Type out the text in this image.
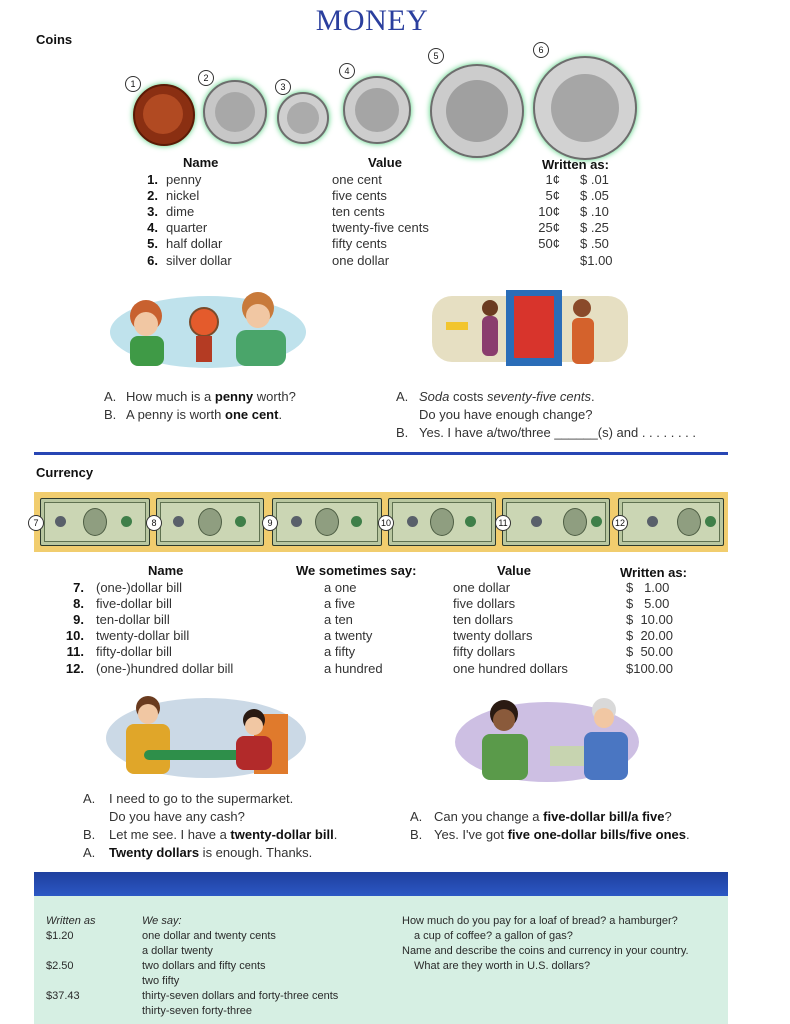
MONEY
Coins
1
2
3
4
5
6
Name	Value	Written as:
1. penny	one cent	1¢ $ .01
2. nickel	five cents	5¢ $ .05
3. dime	ten cents	10¢ $ .10
4. quarter	twenty-five cents	25¢ $ .25
5. half dollar	fifty cents	50¢ $ .50
6. silver dollar	one dollar	$1.00
A. How much is a penny worth?
B. A penny is worth one cent.
A. Soda costs seventy-five cents.
Do you have enough change?
B. Yes. I have a/two/three ______(s) and . . . . . . . .
Currency
7	8	9	10	11	12
Name	We sometimes say:	Value	Written as:
7. (one-)dollar bill	a one	one dollar	$   1.00
8. five-dollar bill	a five	five dollars	$   5.00
9. ten-dollar bill	a ten	ten dollars	$  10.00
10. twenty-dollar bill	a twenty	twenty dollars	$  20.00
11. fifty-dollar bill	a fifty	fifty dollars	$  50.00
12. (one-)hundred dollar bill	a hundred	one hundred dollars	$100.00
A. I need to go to the supermarket.
Do you have any cash?
B. Let me see. I have a twenty-dollar bill.
A. Twenty dollars is enough. Thanks.
A. Can you change a five-dollar bill/a five?
B. Yes. I've got five one-dollar bills/five ones.
Written as	We say:
$1.20	one dollar and twenty cents
a dollar twenty
$2.50	two dollars and fifty cents
two fifty
$37.43	thirty-seven dollars and forty-three cents
thirty-seven forty-three
How much do you pay for a loaf of bread? a hamburger?
a cup of coffee? a gallon of gas?
Name and describe the coins and currency in your country.
What are they worth in U.S. dollars?
